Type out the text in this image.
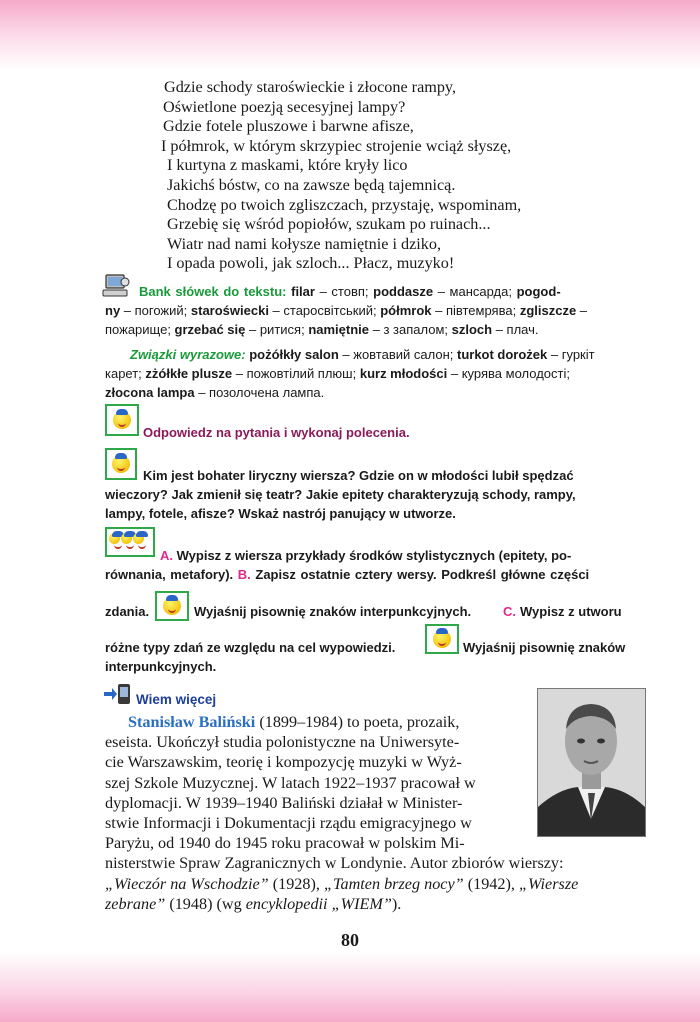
Gdzie schody staroświeckie i złocone rampy,
Oświetlone poezją secesyjnej lampy?
Gdzie fotele pluszowe i barwne afisze,
I półmrok, w którym skrzypiec strojenie wciąż słyszę,
I kurtyna z maskami, które kryły lico
Jakichś bóstw, co na zawsze będą tajemnicą.
Chodzę po twoich zgliszczach, przystaję, wspominam,
Grzebię się wśród popiołów, szukam po ruinach...
Wiatr nad nami kołysze namiętnie i dziko,
I opada powoli, jak szloch... Płacz, muzyko!
Bank słówek do tekstu: filar – стовп; poddasze – мансарда; pogod-
ny – погожий; staroświecki – старосвітський; półmrok – півтемрява; zgliszcze –
пожарище; grzebać się – ритися; namiętnie – з запалом; szloch – плач.
Związki wyrazowe: pożółkły salon – жовтавий салон; turkot dorożek – гуркіт
карет; zżółkłe plusze – пожовтілий плюш; kurz młodości – курява молодості;
złocona lampa – позолочена лампа.
Odpowiedz na pytania i wykonaj polecenia.
Kim jest bohater liryczny wiersza? Gdzie on w młodości lubił spędzać
wieczory? Jak zmienił się teatr? Jakie epitety charakteryzują schody, rampy,
lampy, fotele, afisze? Wskaż nastrój panujący w utworze.
A. Wypisz z wiersza przykłady środków stylistycznych (epitety, po-
równania, metafory). B. Zapisz ostatnie cztery wersy. Podkreśl główne części
zdania.	Wyjaśnij pisownię znaków interpunkcyjnych. C. Wypisz z utworu
różne typy zdań ze względu na cel wypowiedzi.	Wyjaśnij pisownię znaków
interpunkcyjnych.
Wiem więcej
Stanisław Baliński (1899–1984) to poeta, prozaik,
eseista. Ukończył studia polonistyczne na Uniwersyte-
cie Warszawskim, teorię i kompozycję muzyki w Wyż-
szej Szkole Muzycznej. W latach 1922–1937 pracował w
dyplomacji. W 1939–1940 Baliński działał w Minister-
stwie Informacji i Dokumentacji rządu emigracyjnego w
Paryżu, od 1940 do 1945 roku pracował w polskim Mi-
nisterstwie Spraw Zagranicznych w Londynie. Autor zbiorów wierszy:
„Wieczór na Wschodzie” (1928), „Tamten brzeg nocy” (1942), „Wiersze
zebrane” (1948) (wg encyklopedii „WIEM”).
80
